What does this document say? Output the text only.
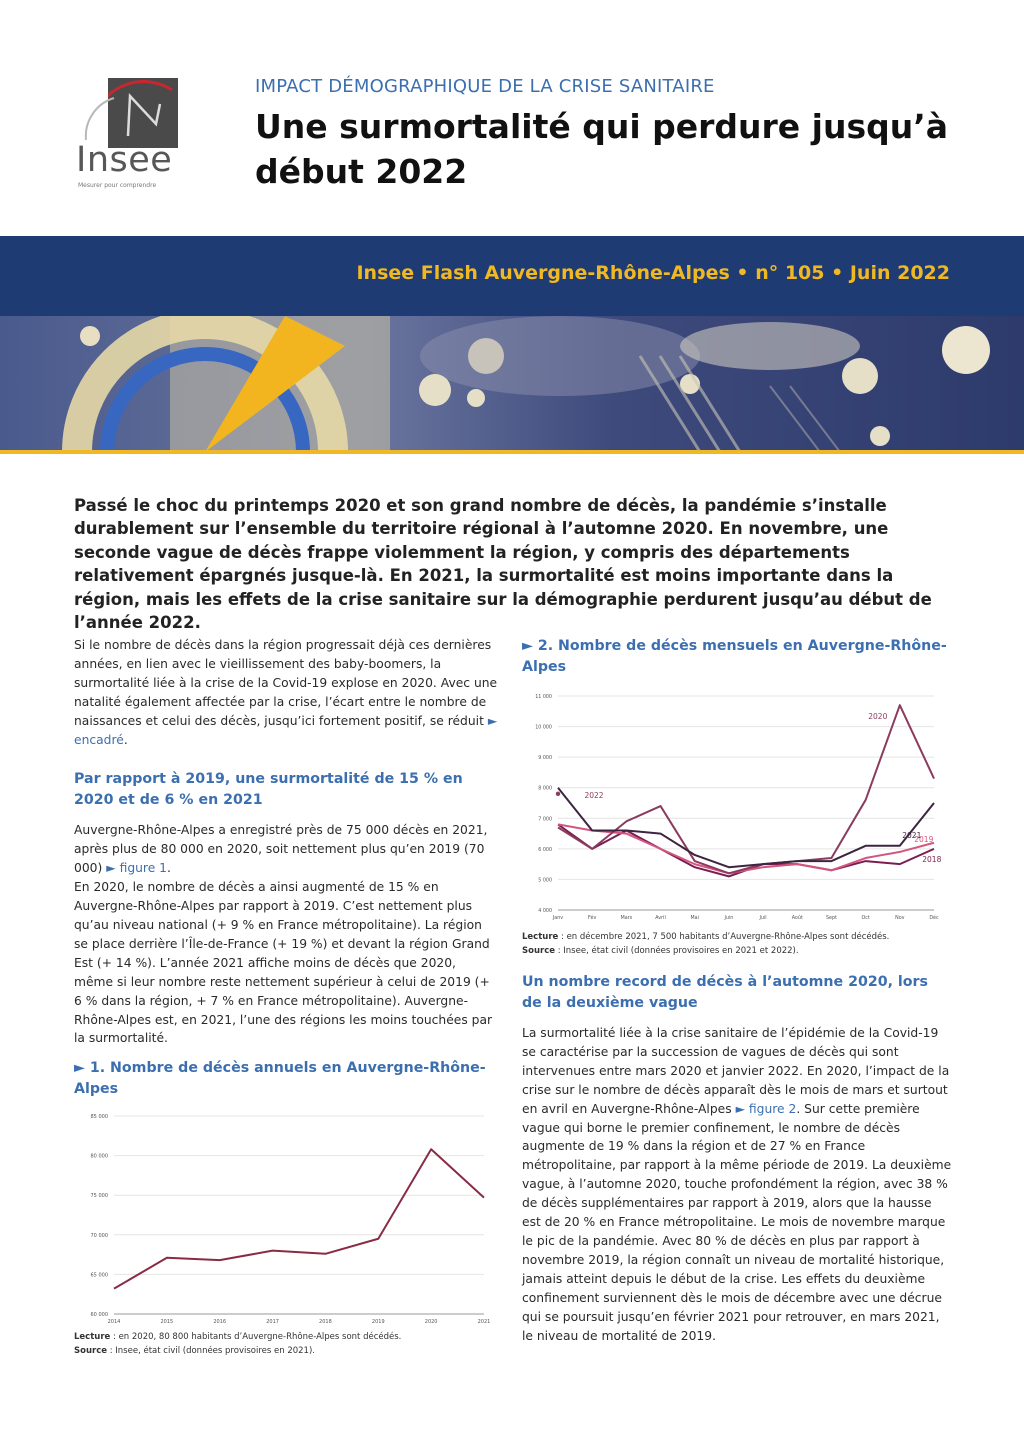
Insee
Mesurer pour comprendre
IMPACT DÉMOGRAPHIQUE DE LA CRISE SANITAIRE
Une surmortalité qui perdure jusqu’à début 2022
Insee Flash Auvergne-Rhône-Alpes • n° 105 • Juin 2022
Passé le choc du printemps 2020 et son grand nombre de décès, la pandémie s’installe durablement sur l’ensemble du territoire régional à l’automne 2020. En novembre, une seconde vague de décès frappe violemment la région, y compris des départements relativement épargnés jusque-là. En 2021, la surmortalité est moins importante dans la région, mais les effets de la crise sanitaire sur la démographie perdurent jusqu’au début de l’année 2022.

Si le nombre de décès dans la région progressait déjà ces dernières années, en lien avec le vieillissement des baby-boomers, la surmortalité liée à la crise de la Covid-19 explose en 2020. Avec une natalité également affectée par la crise, l’écart entre le nombre de naissances et celui des décès, jusqu’ici fortement positif, se réduit ► encadré.

Par rapport à 2019, une surmortalité de 15 % en 2020 et de 6 % en 2021

Auvergne-Rhône-Alpes a enregistré près de 75 000 décès en 2021, après plus de 80 000 en 2020, soit nettement plus qu’en 2019 (70 000) ► figure 1.

En 2020, le nombre de décès a ainsi augmenté de 15 % en Auvergne-Rhône-Alpes par rapport à 2019. C’est nettement plus qu’au niveau national (+ 9 % en France métropolitaine). La région se place derrière l’Île-de-France (+ 19 %) et devant la région Grand Est (+ 14 %). L’année 2021 affiche moins de décès que 2020, même si leur nombre reste nettement supérieur à celui de 2019 (+ 6 % dans la région, + 7 % en France métropolitaine). Auvergne-Rhône-Alpes est, en 2021, l’une des régions les moins touchées par la surmortalité.

► 1. Nombre de décès annuels en Auvergne-Rhône-Alpes
60 000
65 000
70 000
75 000
80 000
85 000
2014	2015	2016	2017	2018	2019	2020	2021
Lecture : en 2020, 80 800 habitants d’Auvergne-Rhône-Alpes sont décédés.
Source : Insee, état civil (données provisoires en 2021).
► 2. Nombre de décès mensuels en Auvergne-Rhône-Alpes
4 000
5 000
6 000
7 000
8 000
9 000
10 000
11 000
Janv	Fév	Mars	Avril	Mai	Juin	Juil	Août	Sept	Oct	Nov	Déc
2018
2019
2020
2021
2022
Lecture : en décembre 2021, 7 500 habitants d’Auvergne-Rhône-Alpes sont décédés.
Source : Insee, état civil (données provisoires en 2021 et 2022).
Un nombre record de décès à l’automne 2020, lors de la deuxième vague

La surmortalité liée à la crise sanitaire de l’épidémie de la Covid-19 se caractérise par la succession de vagues de décès qui sont intervenues entre mars 2020 et janvier 2022. En 2020, l’impact de la crise sur le nombre de décès apparaît dès le mois de mars et surtout en avril en Auvergne-Rhône-Alpes ► figure 2. Sur cette première vague qui borne le premier confinement, le nombre de décès augmente de 19 % dans la région et de 27 % en France métropolitaine, par rapport à la même période de 2019. La deuxième vague, à l’automne 2020, touche profondément la région, avec 38 % de décès supplémentaires par rapport à 2019, alors que la hausse est de 20 % en France métropolitaine. Le mois de novembre marque le pic de la pandémie. Avec 80 % de décès en plus par rapport à novembre 2019, la région connaît un niveau de mortalité historique, jamais atteint depuis le début de la crise. Les effets du deuxième confinement surviennent dès le mois de décembre avec une décrue qui se poursuit jusqu’en février 2021 pour retrouver, en mars 2021, le niveau de mortalité de 2019.
